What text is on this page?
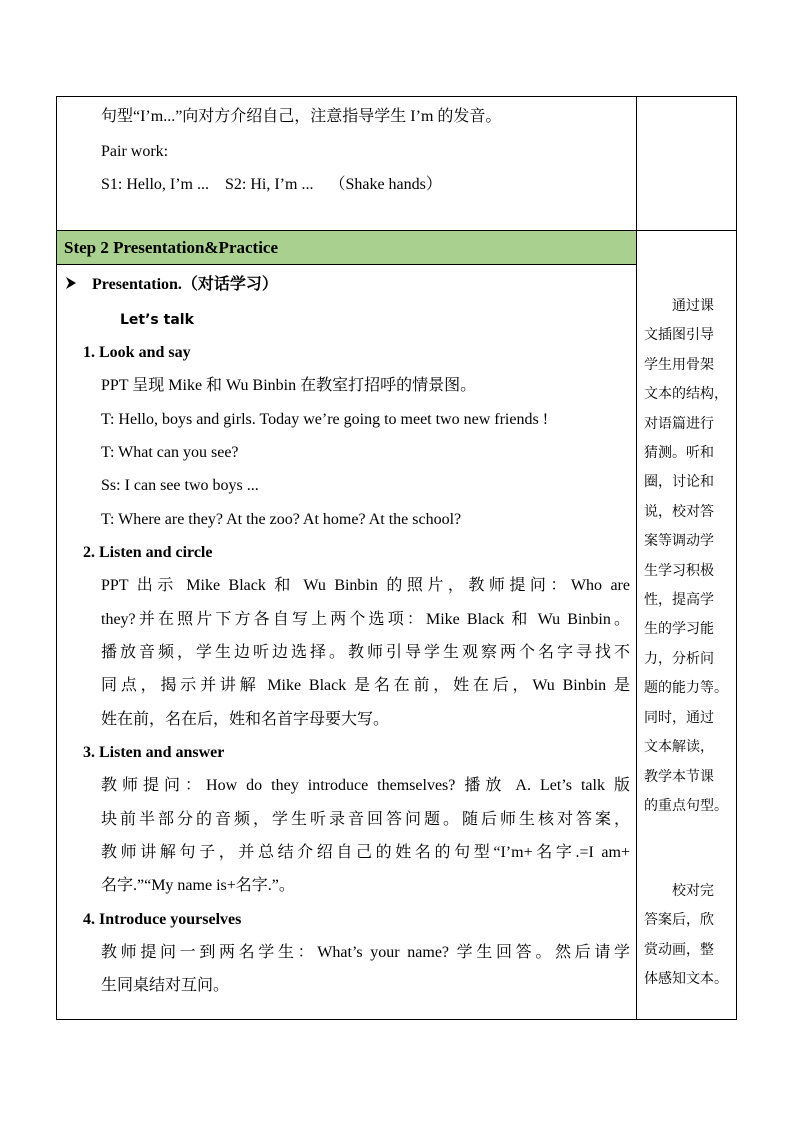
句型“I’m...”向对方介绍自己，注意指导学生 I’m 的发音。
Pair work:
S1: Hello, I’m ...    S2: Hi, I’m ...    （Shake hands）
Step 2 Presentation&Practice
Presentation.（对话学习）
Let’s talk
1. Look and say
PPT 呈现 Mike 和 Wu Binbin 在教室打招呼的情景图。
T: Hello, boys and girls. Today we’re going to meet two new friends !
T: What can you see?
Ss: I can see two boys ...
T: Where are they? At the zoo? At home? At the school?
2. Listen and circle
PPT 出示 Mike Black 和 Wu Binbin 的照片，教师提问：Who are
they?并在照片下方各自写上两个选项：Mike Black 和 Wu Binbin。
播放音频，学生边听边选择。教师引导学生观察两个名字寻找不
同点，揭示并讲解 Mike Black 是名在前，姓在后，Wu Binbin 是
姓在前，名在后，姓和名首字母要大写。
3. Listen and answer
教师提问：How do they introduce themselves? 播放 A. Let’s talk 版
块前半部分的音频，学生听录音回答问题。随后师生核对答案，
教师讲解句子，并总结介绍自己的姓名的句型“I’m+名字.=I am+
名字.”“My name is+名字.”。
4. Introduce yourselves
教师提问一到两名学生：What’s your name? 学生回答。然后请学
生同桌结对互问。
通过课
文插图引导
学生用骨架
文本的结构，
对语篇进行
猜测。听和
圈，讨论和
说，校对答
案等调动学
生学习积极
性，提高学
生的学习能
力，分析问
题的能力等。
同时，通过
文本解读，
教学本节课
的重点句型。
校对完
答案后，欣
赏动画，整
体感知文本。
